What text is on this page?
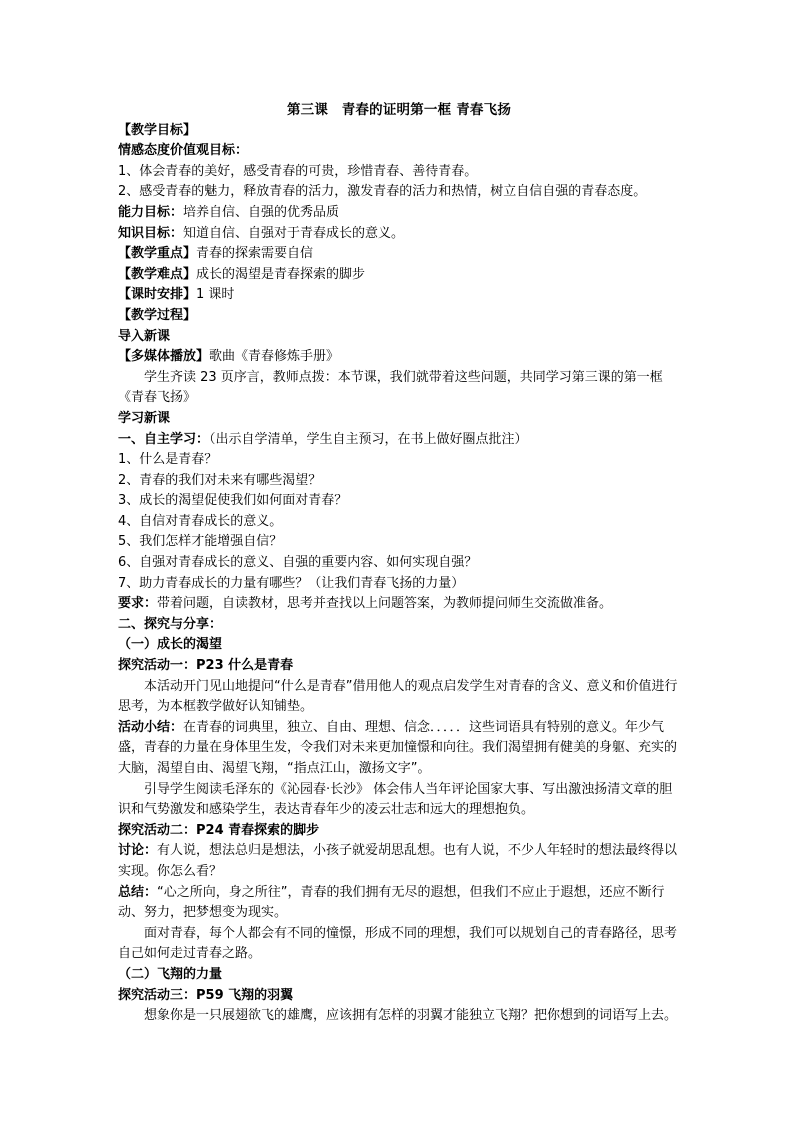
第三课　青春的证明第一框 青春飞扬

【教学目标】

情感态度价值观目标：

1、体会青春的美好，感受青春的可贵，珍惜青春、善待青春。

2、感受青春的魅力，释放青春的活力，激发青春的活力和热情，树立自信自强的青春态度。

能力目标：培养自信、自强的优秀品质

知识目标：知道自信、自强对于青春成长的意义。

【教学重点】青春的探索需要自信

【教学难点】成长的渴望是青春探索的脚步

【课时安排】1 课时

【教学过程】

导入新课

【多媒体播放】歌曲《青春修炼手册》

学生齐读 23 页序言，教师点拨：本节课，我们就带着这些问题，共同学习第三课的第一框《青春飞扬》

学习新课

一、自主学习：（出示自学清单，学生自主预习，在书上做好圈点批注）

1、什么是青春？

2、青春的我们对未来有哪些渴望？

3、成长的渴望促使我们如何面对青春？

4、自信对青春成长的意义。

5、我们怎样才能增强自信？

6、自强对青春成长的意义、自强的重要内容、如何实现自强？

7、助力青春成长的力量有哪些？（让我们青春飞扬的力量）

要求：带着问题，自读教材，思考并查找以上问题答案，为教师提问师生交流做准备。

二、探究与分享：

（一）成长的渴望

探究活动一：P23 什么是青春

本活动开门见山地提问“什么是青春”借用他人的观点启发学生对青春的含义、意义和价值进行思考，为本框教学做好认知铺垫。

活动小结：在青春的词典里，独立、自由、理想、信念．．．．．这些词语具有特别的意义。年少气盛，青春的力量在身体里生发，令我们对未来更加憧憬和向往。我们渴望拥有健美的身躯、充实的大脑，渴望自由、渴望飞翔，“指点江山，激扬文字”。

引导学生阅读毛泽东的《沁园春·长沙》 体会伟人当年评论国家大事、写出激浊扬清文章的胆识和气势激发和感染学生，表达青春年少的凌云壮志和远大的理想抱负。

探究活动二：P24 青春探索的脚步

讨论：有人说，想法总归是想法，小孩子就爱胡思乱想。也有人说，不少人年轻时的想法最终得以实现。你怎么看？

总结：“心之所向，身之所往”，青春的我们拥有无尽的遐想，但我们不应止于遐想，还应不断行动、努力，把梦想变为现实。

面对青春，每个人都会有不同的憧憬，形成不同的理想，我们可以规划自己的青春路径，思考自己如何走过青春之路。

（二）飞翔的力量

探究活动三：P59 飞翔的羽翼

想象你是一只展翅欲飞的雄鹰，应该拥有怎样的羽翼才能独立飞翔？把你想到的词语写上去。
